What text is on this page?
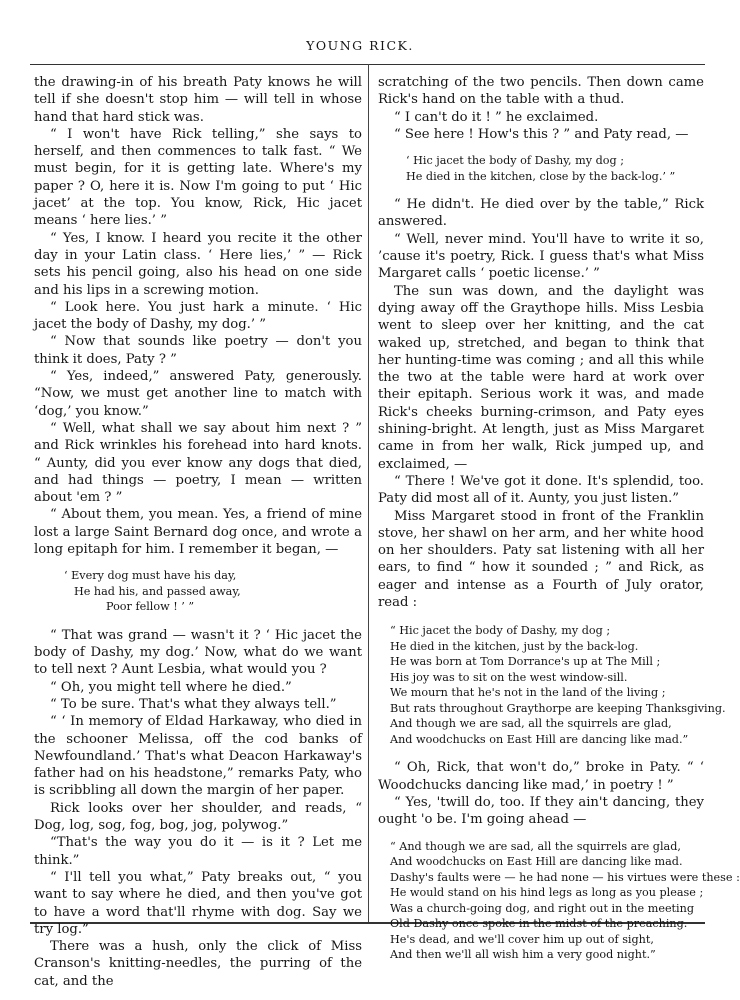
YOUNG RICK.

the drawing-in of his breath Paty knows he will tell if she doesn't stop him — will tell in whose hand that hard stick was.

“ I won't have Rick telling,” she says to herself, and then commences to talk fast. “ We must begin, for it is getting late. Where's my paper ? O, here it is. Now I'm going to put ‘ Hic jacet’ at the top. You know, Rick, Hic jacet means ‘ here lies.’ ”

“ Yes, I know. I heard you recite it the other day in your Latin class. ‘ Here lies,’ ” — Rick sets his pencil going, also his head on one side and his lips in a screwing motion.

“ Look here. You just hark a minute. ‘ Hic jacet the body of Dashy, my dog.’ ”

“ Now that sounds like poetry — don't you think it does, Paty ? ”

“ Yes, indeed,” answered Paty, generously. “Now, we must get another line to match with ‘dog,’ you know.”

“ Well, what shall we say about him next ? ” and Rick wrinkles his forehead into hard knots. “ Aunty, did you ever know any dogs that died, and had things — poetry, I mean — written about 'em ? ”

“ About them, you mean. Yes, a friend of mine lost a large Saint Bernard dog once, and wrote a long epitaph for him. I remember it began, —

‘ Every dog must have his day,
He had his, and passed away,
Poor fellow ! ’ ”

“ That was grand — wasn't it ? ‘ Hic jacet the body of Dashy, my dog.’ Now, what do we want to tell next ? Aunt Lesbia, what would you ?

“ Oh, you might tell where he died.”

“ To be sure. That's what they always tell.”

“ ‘ In memory of Eldad Harkaway, who died in the schooner Melissa, off the cod banks of Newfoundland.’ That's what Deacon Harkaway's father had on his headstone,” remarks Paty, who is scribbling all down the margin of her paper.

Rick looks over her shoulder, and reads, “ Dog, log, sog, fog, bog, jog, polywog.”

“That's the way you do it — is it ? Let me think.”

“ I'll tell you what,” Paty breaks out, “ you want to say where he died, and then you've got to have a word that'll rhyme with dog. Say we try log.”

There was a hush, only the click of Miss Cranson's knitting-needles, the purring of the cat, and the

scratching of the two pencils. Then down came Rick's hand on the table with a thud.

“ I can't do it ! ” he exclaimed.

“ See here ! How's this ? ” and Paty read, —

‘ Hic jacet the body of Dashy, my dog ;
He died in the kitchen, close by the back-log.’ ”

“ He didn't. He died over by the table,” Rick answered.

“ Well, never mind. You'll have to write it so, ’cause it's poetry, Rick. I guess that's what Miss Margaret calls ‘ poetic license.’ ”

The sun was down, and the daylight was dying away off the Graythope hills. Miss Lesbia went to sleep over her knitting, and the cat waked up, stretched, and began to think that her hunting-time was coming ; and all this while the two at the table were hard at work over their epitaph. Serious work it was, and made Rick's cheeks burning-crimson, and Paty eyes shining-bright. At length, just as Miss Margaret came in from her walk, Rick jumped up, and exclaimed, —

“ There ! We've got it done. It's splendid, too. Paty did most all of it. Aunty, you just listen.”

Miss Margaret stood in front of the Franklin stove, her shawl on her arm, and her white hood on her shoulders. Paty sat listening with all her ears, to find “ how it sounded ; ” and Rick, as eager and intense as a Fourth of July orator, read :

“ Hic jacet the body of Dashy, my dog ;
He died in the kitchen, just by the back-log.
He was born at Tom Dorrance's up at The Mill ;
His joy was to sit on the west window-sill.
We mourn that he's not in the land of the living ;
But rats throughout Graythorpe are keeping Thanksgiving.
And though we are sad, all the squirrels are glad,
And woodchucks on East Hill are dancing like mad.”

“ Oh, Rick, that won't do,” broke in Paty. “ ‘ Woodchucks dancing like mad,’ in poetry ! ”

“ Yes, 'twill do, too. If they ain't dancing, they ought 'o be. I'm going ahead —

“ And though we are sad, all the squirrels are glad,
And woodchucks on East Hill are dancing like mad.
Dashy's faults were — he had none — his virtues were these :
He would stand on his hind legs as long as you please ;
Was a church-going dog, and right out in the meeting
Old Dashy once spoke in the midst of the preaching.
He's dead, and we'll cover him up out of sight,
And then we'll all wish him a very good night.”
